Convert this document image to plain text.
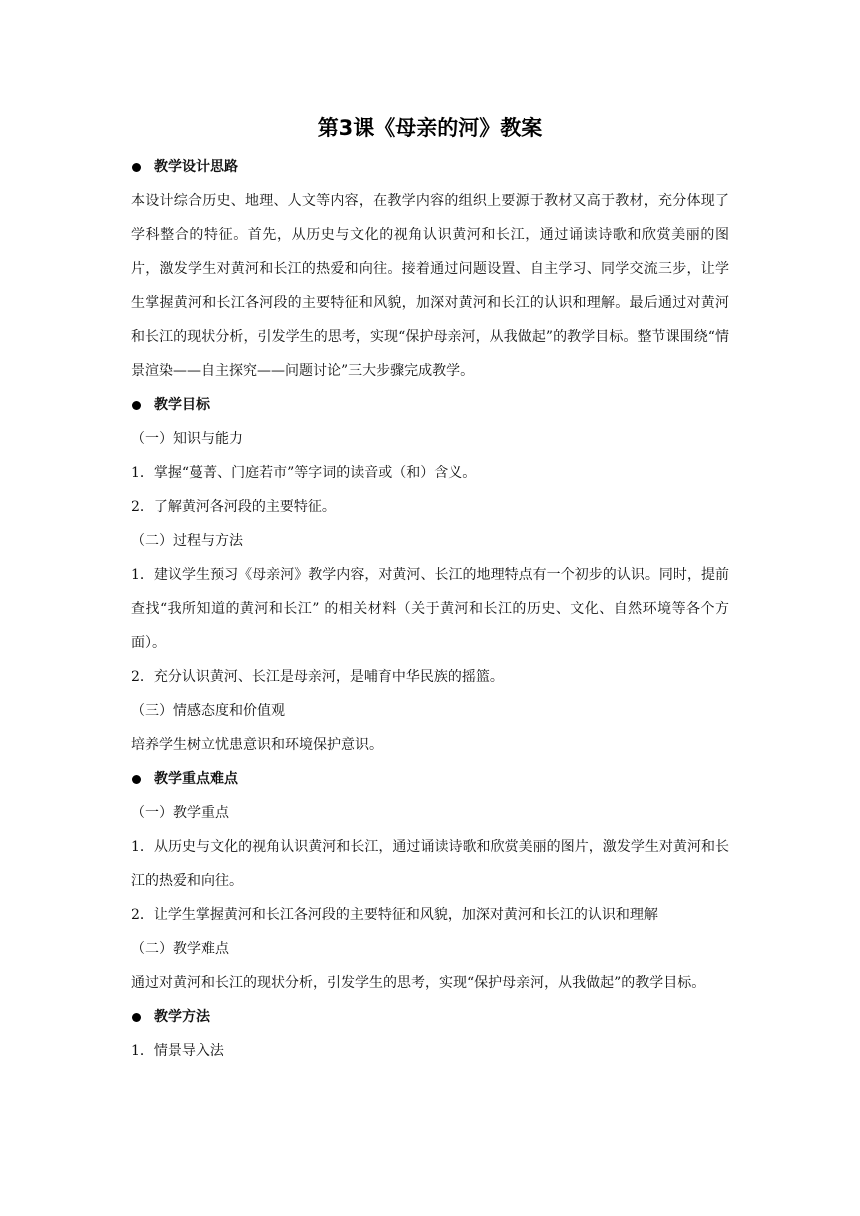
第3课《母亲的河》教案
教学设计思路
本设计综合历史、地理、人文等内容，在教学内容的组织上要源于教材又高于教材，充分体现了学科整合的特征。首先，从历史与文化的视角认识黄河和长江，通过诵读诗歌和欣赏美丽的图片，激发学生对黄河和长江的热爱和向往。接着通过问题设置、自主学习、同学交流三步，让学生掌握黄河和长江各河段的主要特征和风貌，加深对黄河和长江的认识和理解。最后通过对黄河和长江的现状分析，引发学生的思考，实现“保护母亲河，从我做起”的教学目标。整节课围绕“情景渲染——自主探究——问题讨论”三大步骤完成教学。
教学目标
（一）知识与能力
1．掌握“蔓菁、门庭若市”等字词的读音或（和）含义。
2．了解黄河各河段的主要特征。
（二）过程与方法
1．建议学生预习《母亲河》教学内容，对黄河、长江的地理特点有一个初步的认识。同时，提前查找“我所知道的黄河和长江” 的相关材料（关于黄河和长江的历史、文化、自然环境等各个方面）。
2．充分认识黄河、长江是母亲河，是哺育中华民族的摇篮。
（三）情感态度和价值观
培养学生树立忧患意识和环境保护意识。
教学重点难点
（一）教学重点
1．从历史与文化的视角认识黄河和长江，通过诵读诗歌和欣赏美丽的图片，激发学生对黄河和长江的热爱和向往。
2．让学生掌握黄河和长江各河段的主要特征和风貌，加深对黄河和长江的认识和理解
（二）教学难点
通过对黄河和长江的现状分析，引发学生的思考，实现“保护母亲河，从我做起”的教学目标。
教学方法
1．情景导入法
